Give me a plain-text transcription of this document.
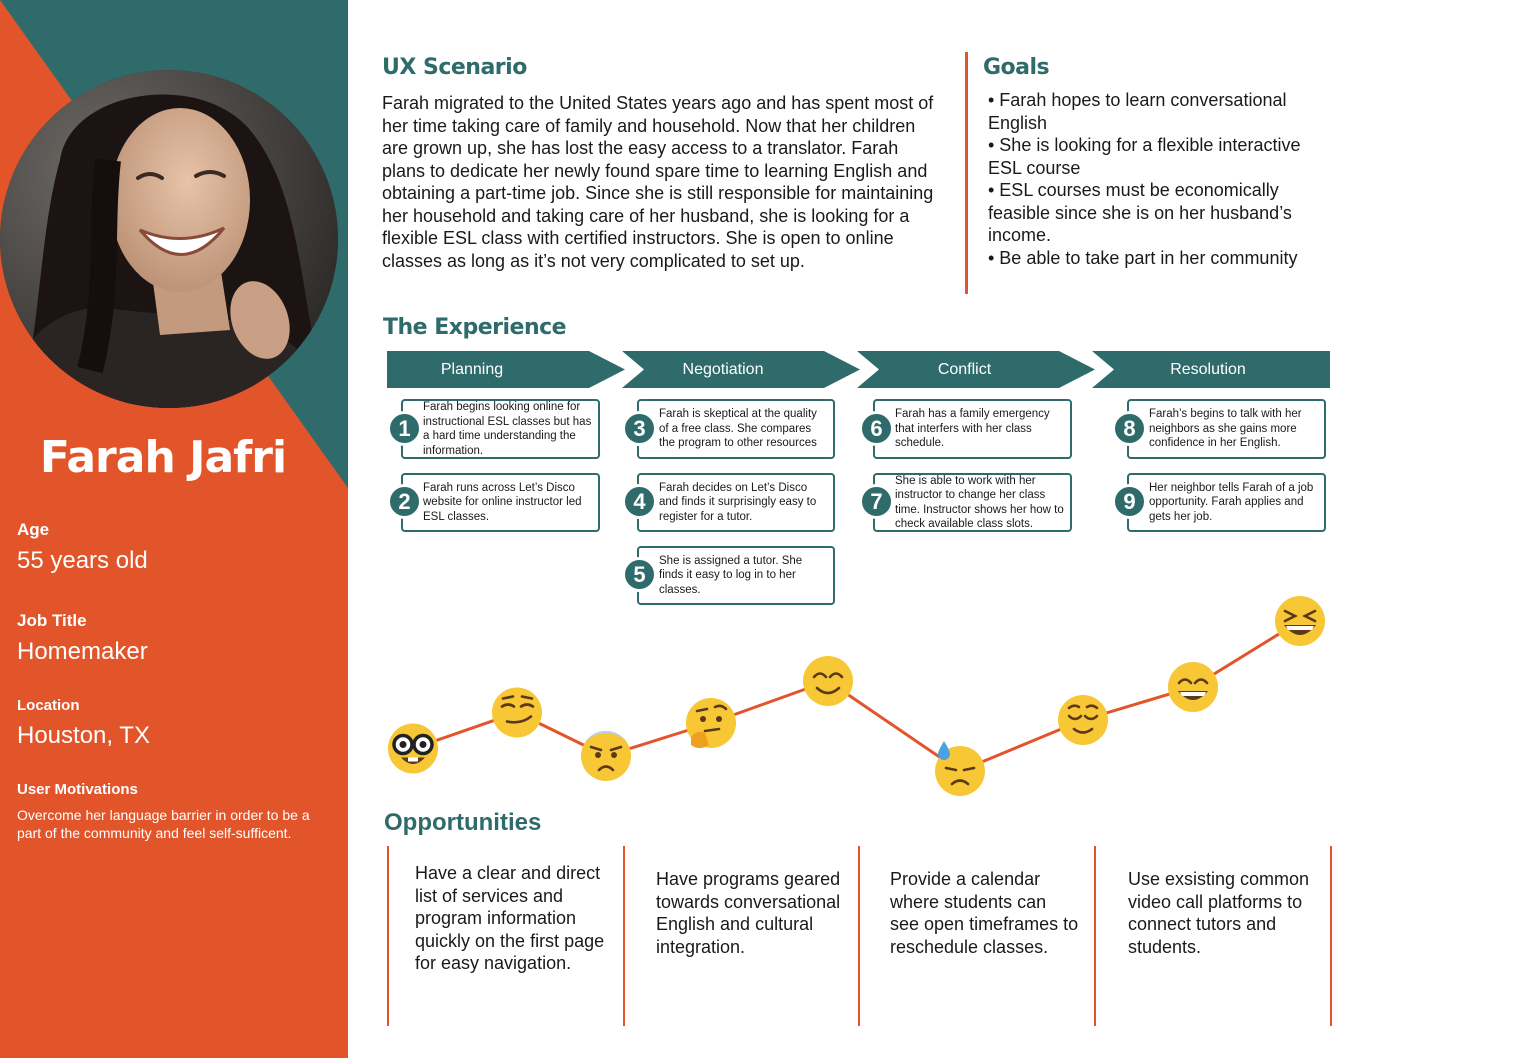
Farah Jafri
Age
55 years old
Job Title
Homemaker
Location
Houston, TX
User Motivations
Overcome her language barrier in order to be a part of the community and feel self-sufficent.
UX Scenario
Farah migrated to the United States years ago and has spent most of her time taking care of family and household. Now that her children are grown up, she has lost the easy access to a translator. Farah plans to dedicate her newly found spare time to learning English and obtaining a part-time job. Since she is still responsible for maintaining her household and taking care of her husband, she is looking for a flexible ESL class with certified instructors. She is open to online classes as long as it’s not very complicated to set up.
Goals
• Farah hopes to learn conversational English
• She is looking for a flexible interactive ESL course
• ESL courses must be economically feasible since she is on her husband’s income.
• Be able to take part in her community
The Experience
Planning	Negotiation	Conflict	Resolution
Farah begins looking online for instructional ESL classes but has a hard time understanding the information.
1
Farah runs across Let’s Disco website for online instructor led ESL classes.
2
Farah is skeptical at the quality of a free class. She compares the program to other resources
3
Farah decides on Let’s Disco and finds it surprisingly easy to register for a tutor.
4
She is assigned a tutor. She finds it easy to log in to her classes.
5
Farah has a family emergency that interfers with her class schedule.
6
She is able to work with her instructor to change her class time. Instructor shows her how to check available class slots.
7
Farah’s begins to talk with her neighbors as she gains more confidence in her English.
8
Her neighbor tells Farah of a job opportunity. Farah applies and gets her job.
9
Opportunities
Have a clear and direct list of services and program information quickly on the first page for easy navigation.
Have programs geared towards conversational English and cultural integration.
Provide a calendar where students can see open timeframes to reschedule classes.
Use exsisting common video call platforms to connect tutors and students.
